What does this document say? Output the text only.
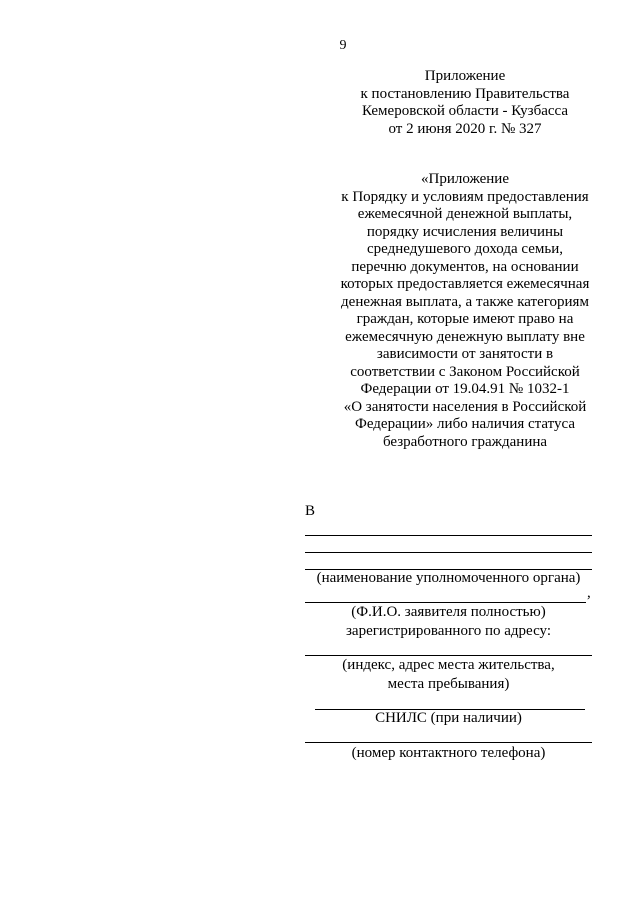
9
Приложение
к постановлению Правительства
Кемеровской области - Кузбасса
от 2 июня 2020 г. № 327
«Приложение
к Порядку и условиям предоставления
ежемесячной денежной выплаты,
порядку исчисления величины
среднедушевого дохода семьи,
перечню документов, на основании
которых предоставляется ежемесячная
денежная выплата, а также категориям
граждан, которые имеют право на
ежемесячную денежную выплату вне
зависимости от занятости в
соответствии с Законом Российской
Федерации от 19.04.91 № 1032-1
«О занятости населения в Российской
Федерации» либо наличия статуса
безработного гражданина
В
(наименование уполномоченного органа)
,
(Ф.И.О. заявителя полностью)
зарегистрированного по адресу:
(индекс, адрес места жительства,
места пребывания)
СНИЛС (при наличии)
(номер контактного телефона)
